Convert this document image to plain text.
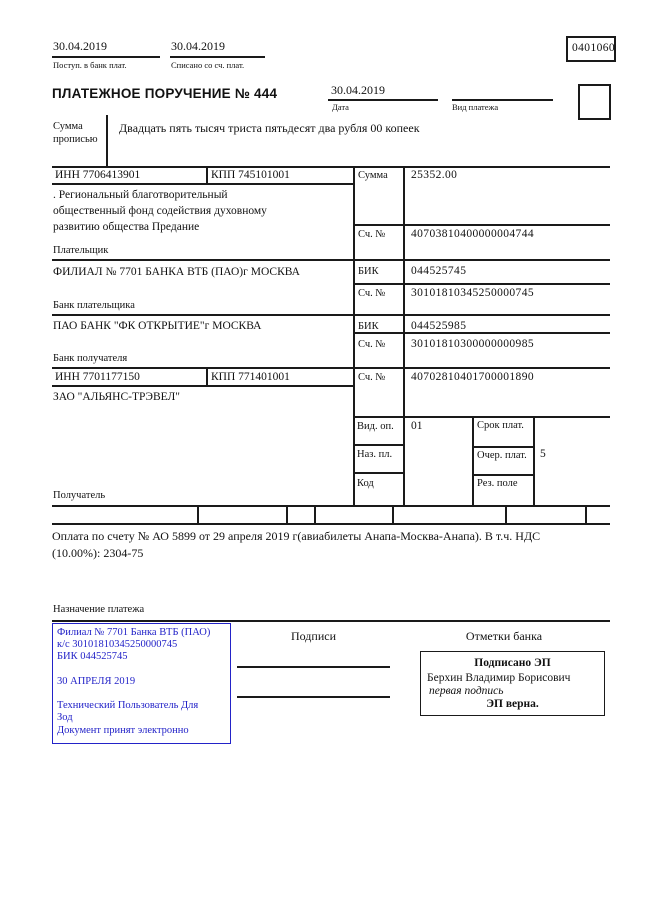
30.04.2019
Поступ. в банк плат.
30.04.2019
Списано со сч. плат.
0401060
ПЛАТЕЖНОЕ ПОРУЧЕНИЕ № 444	30.04.2019
Дата	Вид платежа
Сумма
прописью
Двадцать пять тысяч триста пятьдесят два рубля 00 копеек
ИНН 7706413901	КПП 745101001	Сумма 25352.00
. Региональный благотворительный
общественный фонд содействия духовному
развитию общества Предание
Сч. № 40703810400000004744
Плательщик
ФИЛИАЛ № 7701 БАНКА ВТБ (ПАО)г МОСКВА	БИК	044525745
Сч. № 30101810345250000745
Банк плательщика
ПАО БАНК "ФК ОТКРЫТИЕ"г МОСКВА	БИК	044525985
Сч. № 30101810300000000985
Банк получателя
ИНН 7701177150	КПП 771401001	Сч. № 40702810401700001890
ЗАО "АЛЬЯНС-ТРЭВЕЛ"
Вид. оп. 01	Срок плат.
Наз. пл.	Очер. плат. 5
Код	Рез. поле
Получатель
Оплата по счету № АО 5899 от 29 апреля 2019 г(авиабилеты Анапа-Москва-Анапа). В т.ч. НДС
(10.00%): 2304-75
Назначение платежа
Филиал № 7701 Банка ВТБ (ПАО)
к/с 30101810345250000745
БИК 044525745
30 АПРЕЛЯ 2019
Технический Пользователь Для
Зод
Документ принят электронно
Подписи	Отметки банка
Подписано ЭП
Берхин Владимир Борисович
первая подпись
ЭП верна.
